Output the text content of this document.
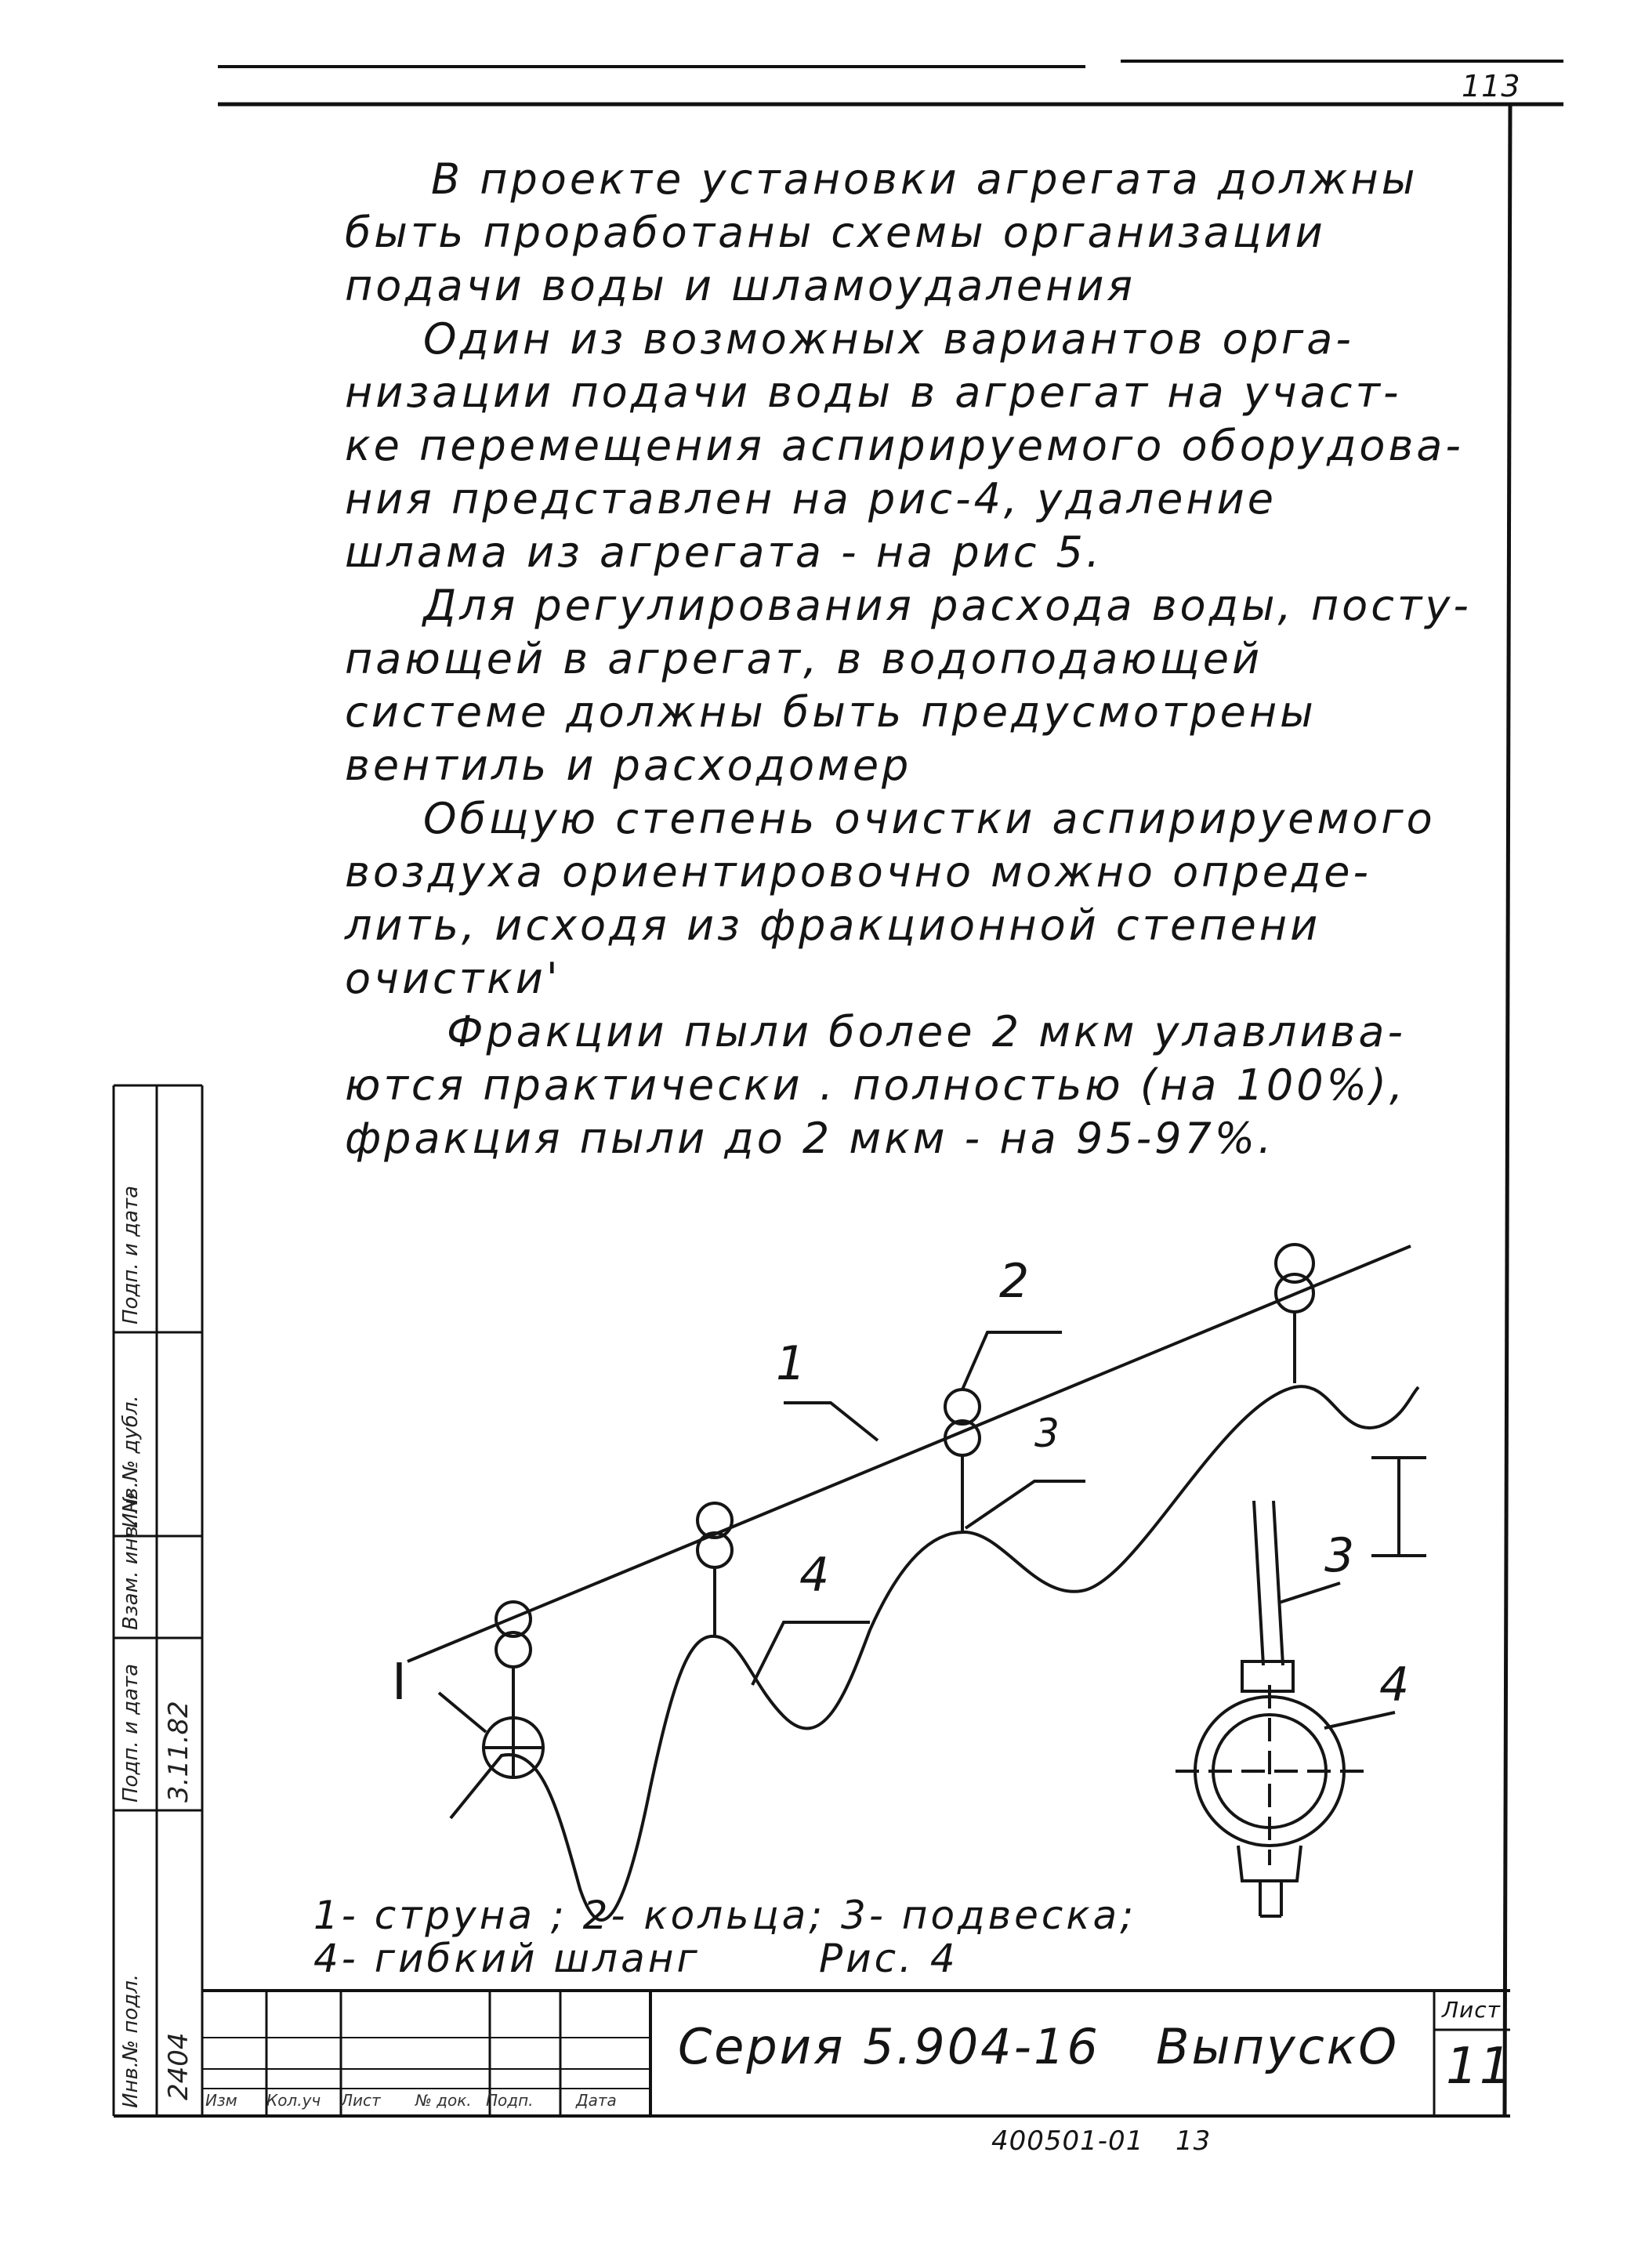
113
В проекте установки агрегата должны
быть проработаны схемы организации
подачи воды и шламоудаления
Один из возможных вариантов орга-
низации подачи воды в агрегат на участ-
ке перемещения аспирируемого оборудова-
ния представлен на рис-4, удаление
шлама из агрегата - на рис 5.
Для регулирования расхода воды, посту-
пающей в агрегат, в водоподающей
системе должны быть предусмотрены
вентиль и расходомер
Общую степень очистки аспирируемого
воздуха ориентировочно можно опреде-
лить, исходя из фракционной степени
очистки'
Фракции пыли более 2 мкм улавлива-
ются практически . полностью (на 100%),
фракция пыли до 2 мкм - на 95-97%.
1
2
3
4
I
3
4
1- струна ; 2- кольца; 3- подвеска;
4- гибкий шланг	Рис. 4
Инв.№ подл.
Подп. и дата
Взам. инв. №
Инв.№ дубл.
Подп. и дата
2404
3.11.82
Серия 5.904-16 ВыпускО
Лист
11
Изм	Кол.уч	Лист	№ док. Подп.	Дата
400501-01 13
